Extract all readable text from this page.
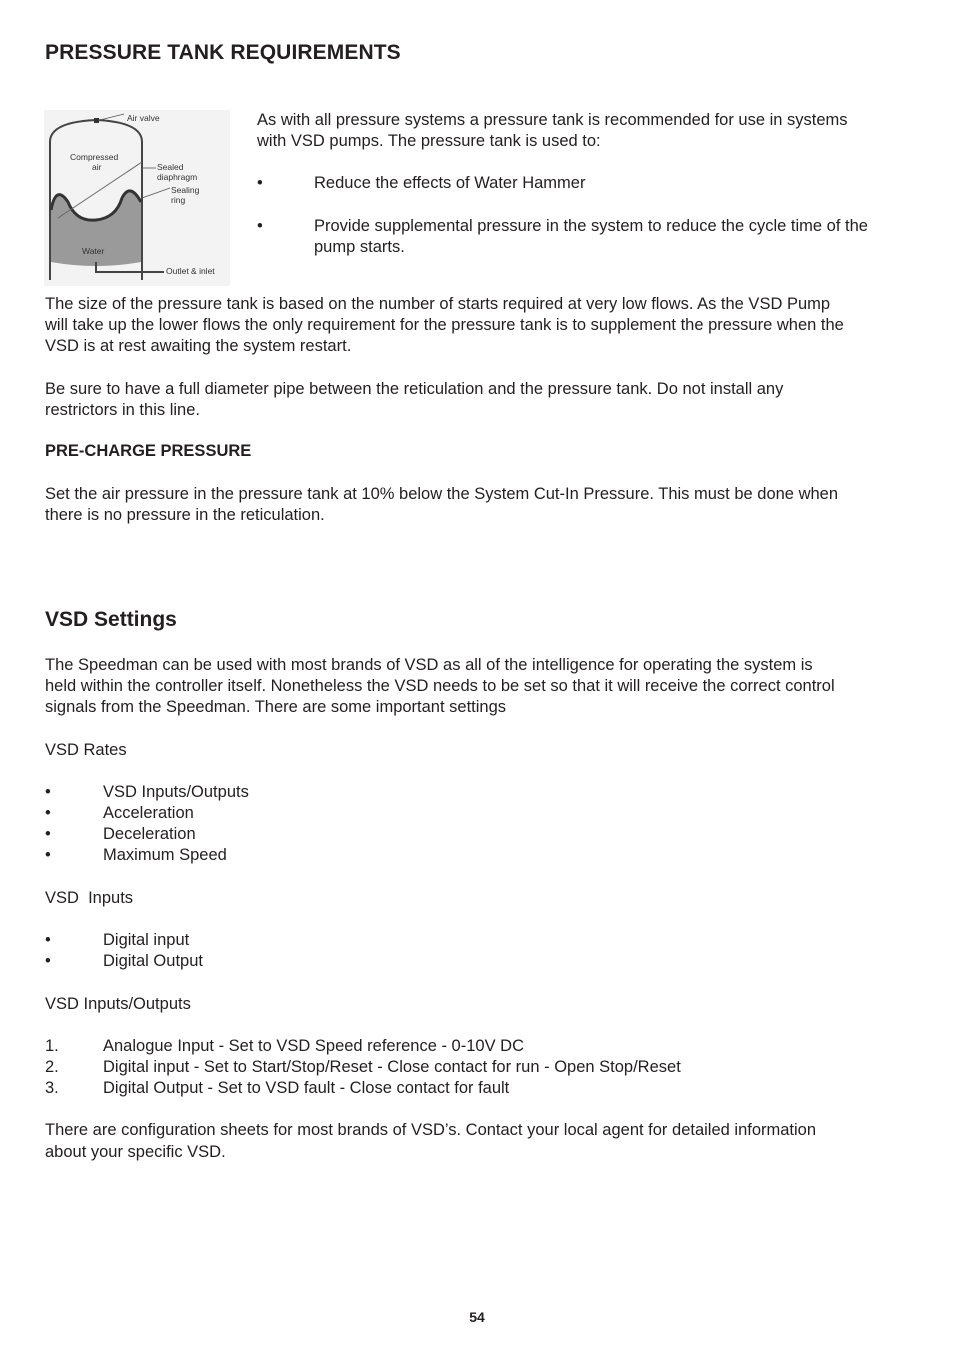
PRESSURE TANK REQUIREMENTS
Air valve
Compressed
air	Sealed
diaphragm
Sealing
ring
Water
Outlet & inlet
As with all pressure systems a pressure tank is recommended for use in systems
with VSD pumps. The pressure tank is used to:
•	Reduce the effects of Water Hammer
•	Provide supplemental pressure in the system to reduce the cycle time of the
pump starts.
The size of the pressure tank is based on the number of starts required at very low flows. As the VSD Pump
will take up the lower flows the only requirement for the pressure tank is to supplement the pressure when the
VSD is at rest awaiting the system restart.
Be sure to have a full diameter pipe between the reticulation and the pressure tank. Do not install any
restrictors in this line.
PRE-CHARGE PRESSURE
Set the air pressure in the pressure tank at 10% below the System Cut-In Pressure. This must be done when
there is no pressure in the reticulation.
VSD Settings
The Speedman can be used with most brands of VSD as all of the intelligence for operating the system is
held within the controller itself. Nonetheless the VSD needs to be set so that it will receive the correct control
signals from the Speedman. There are some important settings
VSD Rates
•	VSD Inputs/Outputs
•	Acceleration
•	Deceleration
•	Maximum Speed
VSD  Inputs
•	Digital input
•	Digital Output
VSD Inputs/Outputs
1.	Analogue Input - Set to VSD Speed reference - 0-10V DC
2.	Digital input - Set to Start/Stop/Reset - Close contact for run - Open Stop/Reset
3.	Digital Output - Set to VSD fault - Close contact for fault
There are configuration sheets for most brands of VSD’s. Contact your local agent for detailed information
about your specific VSD.
54
